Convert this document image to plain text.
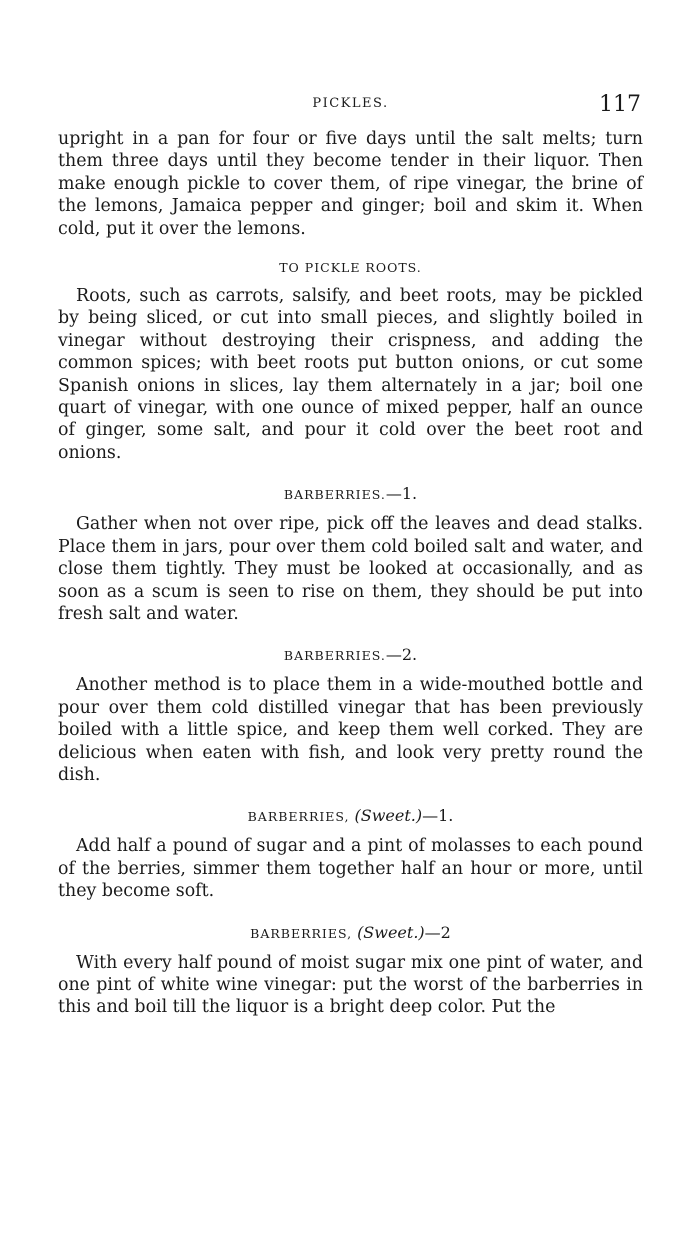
PICKLES.	117

upright in a pan for four or five days until the salt melts; turn them three days until they become tender in their liquor. Then make enough pickle to cover them, of ripe vinegar, the brine of the lemons, Jamaica pepper and ginger; boil and skim it. When cold, put it over the lemons.

TO PICKLE ROOTS.

Roots, such as carrots, salsify, and beet roots, may be pickled by being sliced, or cut into small pieces, and slightly boiled in vinegar without destroying their crispness, and adding the common spices; with beet roots put button onions, or cut some Spanish onions in slices, lay them alternately in a jar; boil one quart of vinegar, with one ounce of mixed pepper, half an ounce of ginger, some salt, and pour it cold over the beet root and onions.

BARBERRIES.—1.

Gather when not over ripe, pick off the leaves and dead stalks. Place them in jars, pour over them cold boiled salt and water, and close them tightly. They must be looked at occasionally, and as soon as a scum is seen to rise on them, they should be put into fresh salt and water.

BARBERRIES.—2.

Another method is to place them in a wide-mouthed bottle and pour over them cold distilled vinegar that has been previously boiled with a little spice, and keep them well corked. They are delicious when eaten with fish, and look very pretty round the dish.

BARBERRIES, (Sweet.)—1.

Add half a pound of sugar and a pint of molasses to each pound of the berries, simmer them together half an hour or more, until they become soft.

BARBERRIES, (Sweet.)—2

With every half pound of moist sugar mix one pint of water, and one pint of white wine vinegar: put the worst of the barberries in this and boil till the liquor is a bright deep color. Put the
